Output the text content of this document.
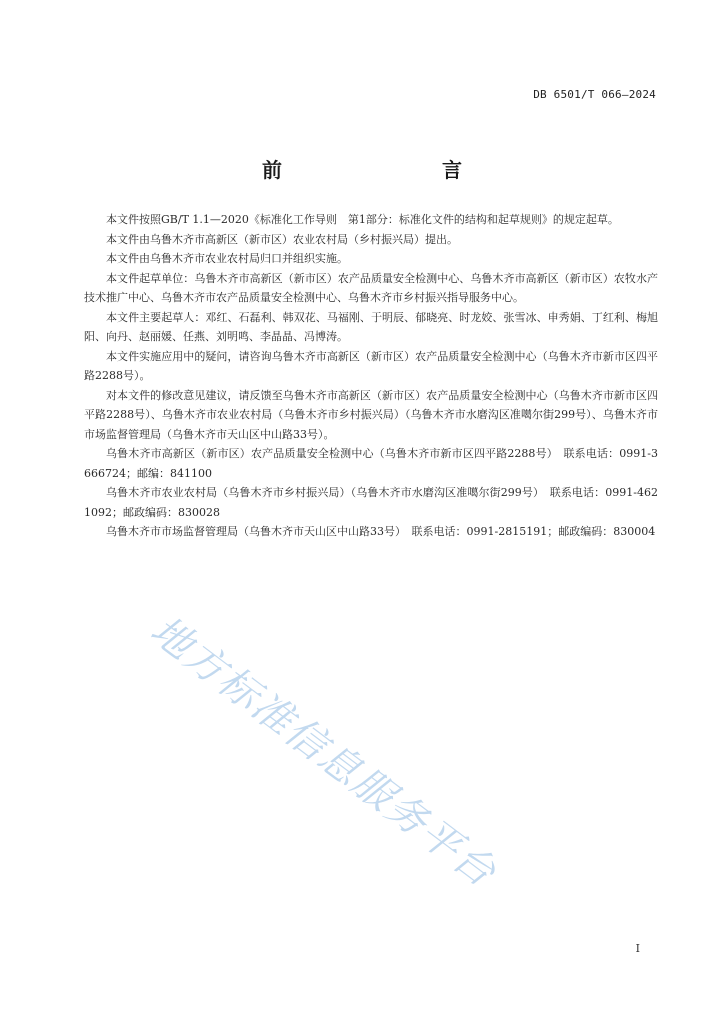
DB 6501/T 066—2024
前　　言

本文件按照GB/T 1.1—2020《标准化工作导则　第1部分：标准化文件的结构和起草规则》的规定起草。

本文件由乌鲁木齐市高新区（新市区）农业农村局（乡村振兴局）提出。

本文件由乌鲁木齐市农业农村局归口并组织实施。

本文件起草单位：乌鲁木齐市高新区（新市区）农产品质量安全检测中心、乌鲁木齐市高新区（新市区）农牧水产技术推广中心、乌鲁木齐市农产品质量安全检测中心、乌鲁木齐市乡村振兴指导服务中心。

本文件主要起草人：邓红、石磊利、韩双花、马福刚、于明辰、郁晓亮、时龙姣、张雪冰、申秀娟、丁红利、梅旭阳、向丹、赵丽媛、任燕、刘明鸣、李晶晶、冯博涛。

本文件实施应用中的疑问，请咨询乌鲁木齐市高新区（新市区）农产品质量安全检测中心（乌鲁木齐市新市区四平路2288号）。

对本文件的修改意见建议，请反馈至乌鲁木齐市高新区（新市区）农产品质量安全检测中心（乌鲁木齐市新市区四平路2288号）、乌鲁木齐市农业农村局（乌鲁木齐市乡村振兴局）（乌鲁木齐市水磨沟区准噶尔街299号）、乌鲁木齐市市场监督管理局（乌鲁木齐市天山区中山路33号）。

乌鲁木齐市高新区（新市区）农产品质量安全检测中心（乌鲁木齐市新市区四平路2288号）　联系电话：0991-3666724；邮编：841100

乌鲁木齐市农业农村局（乌鲁木齐市乡村振兴局）（乌鲁木齐市水磨沟区准噶尔街299号）　联系电话：0991-4621092；邮政编码：830028

乌鲁木齐市市场监督管理局（乌鲁木齐市天山区中山路33号）　联系电话：0991-2815191；邮政编码：830004

地方标准信息服务平台
I
